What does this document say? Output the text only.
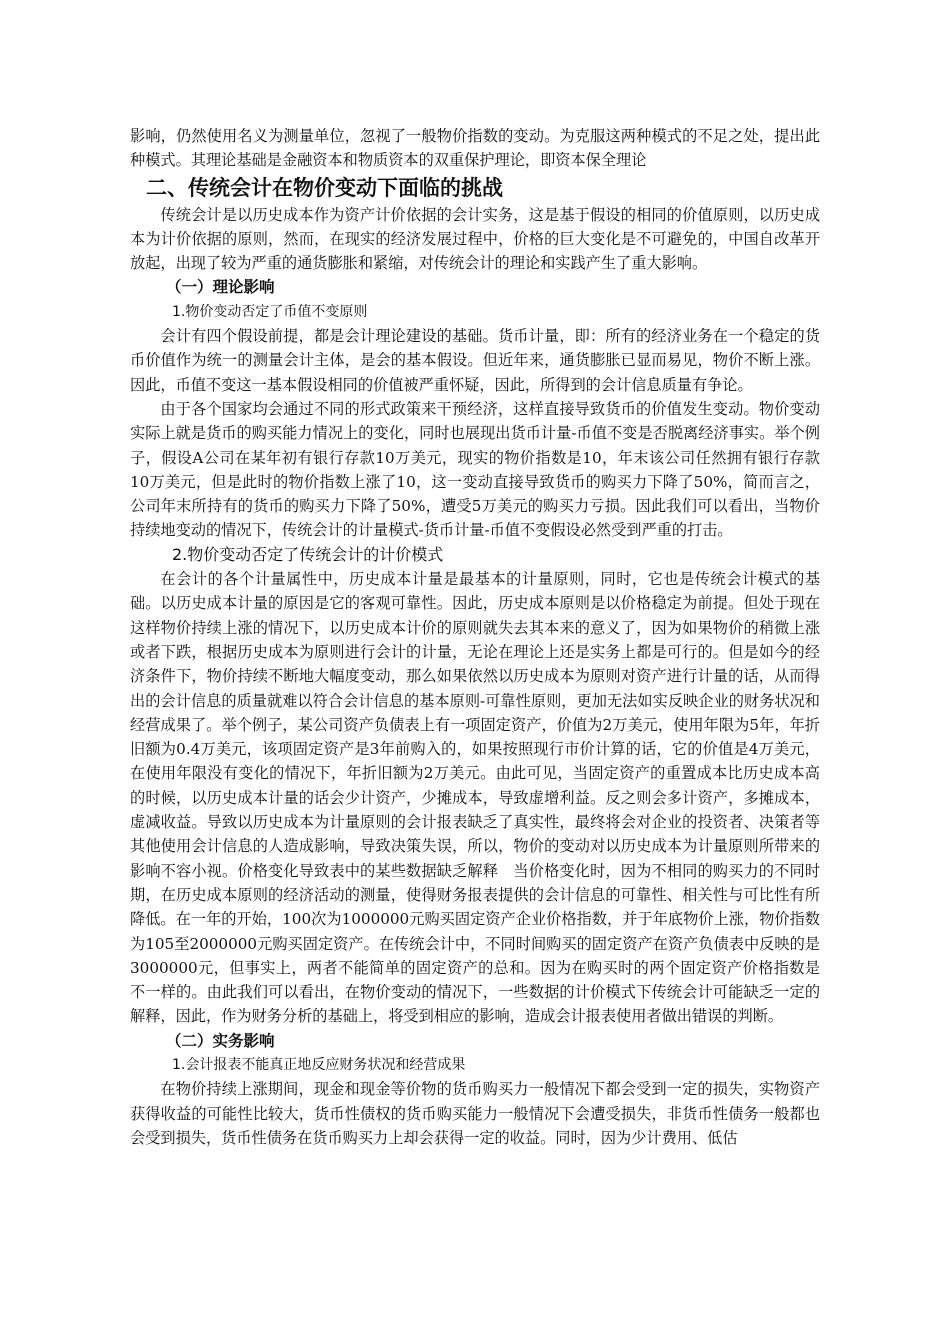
影响，仍然使用名义为测量单位，忽视了一般物价指数的变动。为克服这两种模式的不足之处，提出此种模式。其理论基础是金融资本和物质资本的双重保护理论，即资本保全理论

二、传统会计在物价变动下面临的挑战

传统会计是以历史成本作为资产计价依据的会计实务，这是基于假设的相同的价值原则，以历史成本为计价依据的原则，然而，在现实的经济发展过程中，价格的巨大变化是不可避免的，中国自改革开放起，出现了较为严重的通货膨胀和紧缩，对传统会计的理论和实践产生了重大影响。

（一）理论影响
1.物价变动否定了币值不变原则

会计有四个假设前提，都是会计理论建设的基础。货币计量，即：所有的经济业务在一个稳定的货币价值作为统一的测量会计主体，是会的基本假设。但近年来，通货膨胀已显而易见，物价不断上涨。因此，币值不变这一基本假设相同的价值被严重怀疑，因此，所得到的会计信息质量有争论。

由于各个国家均会通过不同的形式政策来干预经济，这样直接导致货币的价值发生变动。物价变动实际上就是货币的购买能力情况上的变化，同时也展现出货币计量-币值不变是否脱离经济事实。举个例子，假设A公司在某年初有银行存款10万美元，现实的物价指数是10，年末该公司任然拥有银行存款10万美元，但是此时的物价指数上涨了10，这一变动直接导致货币的购买力下降了50%，简而言之，公司年末所持有的货币的购买力下降了50%，遭受5万美元的购买力亏损。因此我们可以看出，当物价持续地变动的情况下，传统会计的计量模式-货币计量-币值不变假设必然受到严重的打击。

2.物价变动否定了传统会计的计价模式

在会计的各个计量属性中，历史成本计量是最基本的计量原则，同时，它也是传统会计模式的基础。以历史成本计量的原因是它的客观可靠性。因此，历史成本原则是以价格稳定为前提。但处于现在这样物价持续上涨的情况下，以历史成本计价的原则就失去其本来的意义了，因为如果物价的稍微上涨或者下跌，根据历史成本为原则进行会计的计量，无论在理论上还是实务上都是可行的。但是如今的经济条件下，物价持续不断地大幅度变动，那么如果依然以历史成本为原则对资产进行计量的话，从而得出的会计信息的质量就难以符合会计信息的基本原则-可靠性原则，更加无法如实反映企业的财务状况和经营成果了。举个例子，某公司资产负债表上有一项固定资产，价值为2万美元，使用年限为5年，年折旧额为0.4万美元，该项固定资产是3年前购入的，如果按照现行市价计算的话，它的价值是4万美元，在使用年限没有变化的情况下，年折旧额为2万美元。由此可见，当固定资产的重置成本比历史成本高的时候，以历史成本计量的话会少计资产，少摊成本，导致虚增利益。反之则会多计资产，多摊成本，虚减收益。导致以历史成本为计量原则的会计报表缺乏了真实性，最终将会对企业的投资者、决策者等其他使用会计信息的人造成影响，导致决策失误，所以，物价的变动对以历史成本为计量原则所带来的影响不容小视。价格变化导致表中的某些数据缺乏解释　当价格变化时，因为不相同的购买力的不同时期，在历史成本原则的经济活动的测量，使得财务报表提供的会计信息的可靠性、相关性与可比性有所降低。在一年的开始，100次为1000000元购买固定资产企业价格指数，并于年底物价上涨，物价指数为105至2000000元购买固定资产。在传统会计中，不同时间购买的固定资产在资产负债表中反映的是3000000元，但事实上，两者不能简单的固定资产的总和。因为在购买时的两个固定资产价格指数是不一样的。由此我们可以看出，在物价变动的情况下，一些数据的计价模式下传统会计可能缺乏一定的解释，因此，作为财务分析的基础上，将受到相应的影响，造成会计报表使用者做出错误的判断。

（二）实务影响
1.会计报表不能真正地反应财务状况和经营成果

在物价持续上涨期间，现金和现金等价物的货币购买力一般情况下都会受到一定的损失，实物资产获得收益的可能性比较大，货币性债权的货币购买能力一般情况下会遭受损失，非货币性债务一般都也会受到损失，货币性债务在货币购买力上却会获得一定的收益。同时，因为少计费用、低估
